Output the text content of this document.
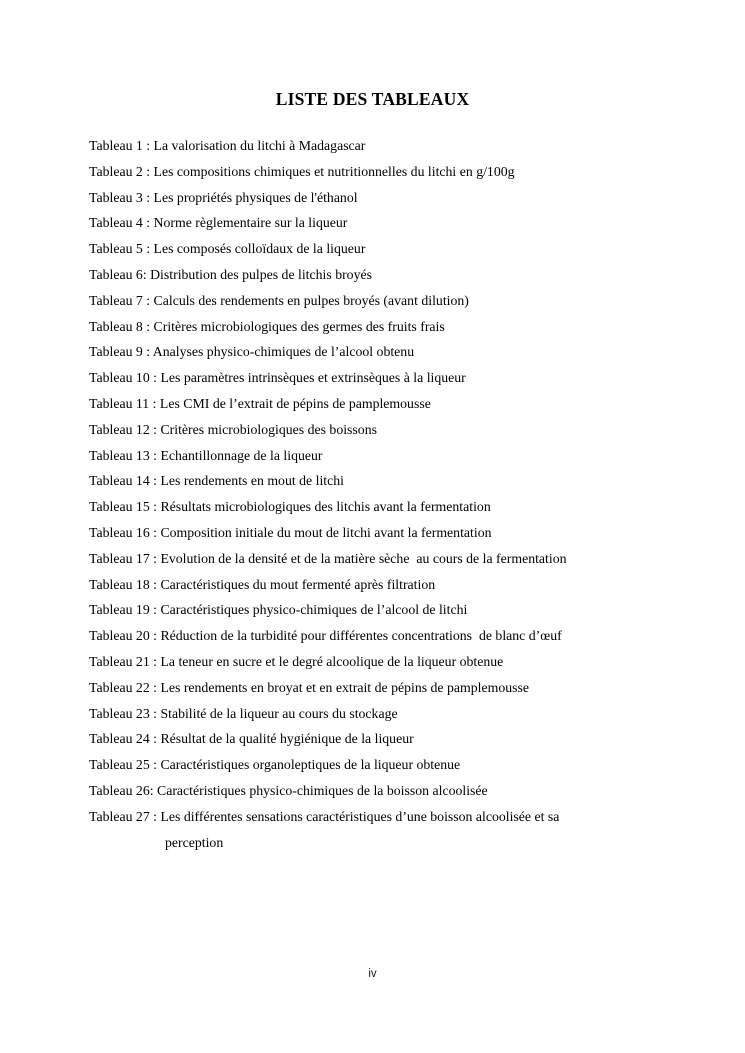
LISTE DES TABLEAUX

Tableau 1 : La valorisation du litchi à Madagascar

Tableau 2 : Les compositions chimiques et nutritionnelles du litchi en g/100g

Tableau 3 : Les propriétés physiques de l'éthanol

Tableau 4 : Norme règlementaire sur la liqueur

Tableau 5 : Les composés colloïdaux de la liqueur

Tableau 6: Distribution des pulpes de litchis broyés

Tableau 7 : Calculs des rendements en pulpes broyés (avant dilution)

Tableau 8 : Critères microbiologiques des germes des fruits frais

Tableau 9 : Analyses physico-chimiques de l’alcool obtenu

Tableau 10 : Les paramètres intrinsèques et extrinsèques à la liqueur

Tableau 11 : Les CMI de l’extrait de pépins de pamplemousse

Tableau 12 : Critères microbiologiques des boissons

Tableau 13 : Echantillonnage de la liqueur

Tableau 14 : Les rendements en mout de litchi

Tableau 15 : Résultats microbiologiques des litchis avant la fermentation

Tableau 16 : Composition initiale du mout de litchi avant la fermentation

Tableau 17 : Evolution de la densité et de la matière sèche  au cours de la fermentation

Tableau 18 : Caractéristiques du mout fermenté après filtration

Tableau 19 : Caractéristiques physico-chimiques de l’alcool de litchi

Tableau 20 : Réduction de la turbidité pour différentes concentrations  de blanc d’œuf

Tableau 21 : La teneur en sucre et le degré alcoolique de la liqueur obtenue

Tableau 22 : Les rendements en broyat et en extrait de pépins de pamplemousse

Tableau 23 : Stabilité de la liqueur au cours du stockage

Tableau 24 : Résultat de la qualité hygiénique de la liqueur

Tableau 25 : Caractéristiques organoleptiques de la liqueur obtenue

Tableau 26: Caractéristiques physico-chimiques de la boisson alcoolisée

Tableau 27 : Les différentes sensations caractéristiques d’une boisson alcoolisée et sa

perception

iv
